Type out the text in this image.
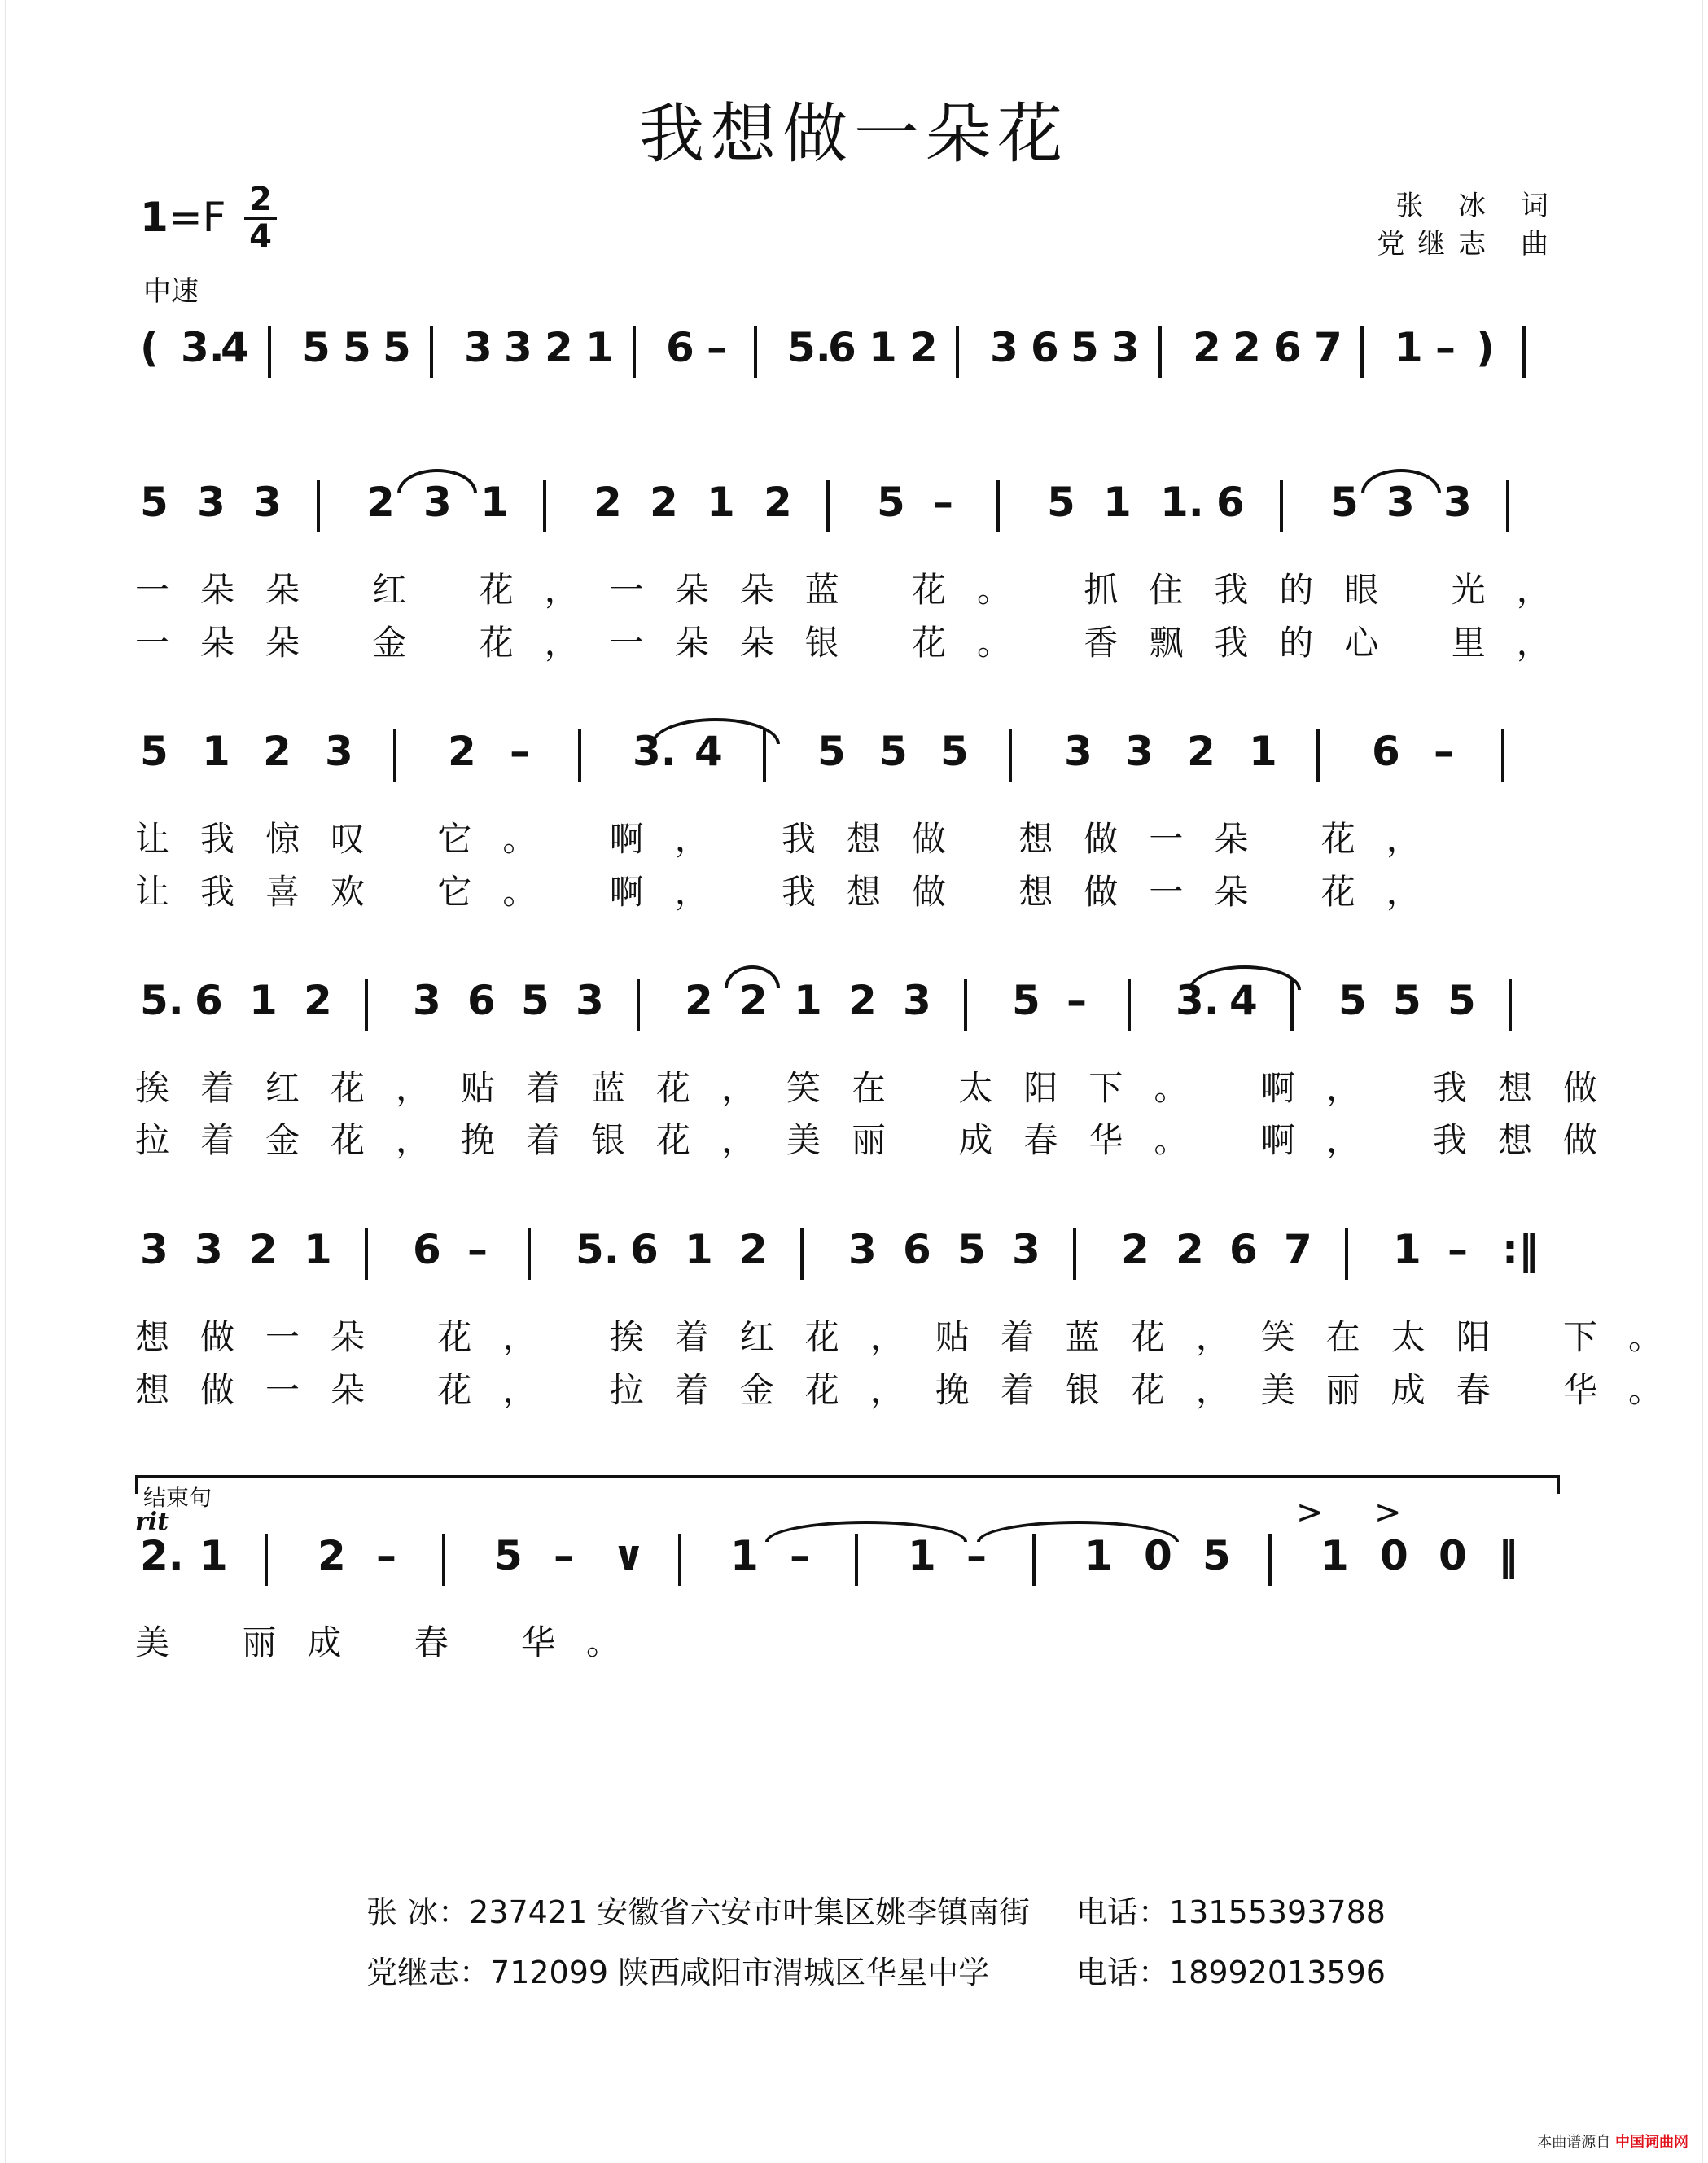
我想做一朵花
1=F 2
4
中速
张 冰 词
党继志 曲
( 3.
4 5 5 5 3 3 2 1 6 – 5.
6 1 2 3 6 5 3 2 2 6 7 1 – )
5 3 3 2 3 1 2 2 1 2 5 – 5 1 1. 6 5 3 3
5 1 2 3 2 –	3. 4 5 5 5 3 3 2 1 6 –
5. 6 1 2 3 6 5 3 2 2 1 2 3 5 – 3. 4 5 5 5
3 3 2 1 6 – 5. 6 1 2 3 6 5 3 2 2 6 7 1 – :‖
2. 1 2 – 5 – ∨ 1 – 1 – 1 0 5 1 0 0 ‖
一朵朵 红 花，一朵朵蓝 花。 抓住我的眼 光，
一朵朵 金 花，一朵朵银 花。 香飘我的心 里，
让我惊叹 它。 啊， 我想做 想做一朵 花，
让我喜欢 它。 啊， 我想做 想做一朵 花，
挨着红花，贴着蓝花，笑在 太阳下。 啊， 我想做
拉着金花，挽着银花，美丽 成春华。 啊， 我想做
想做一朵 花， 挨着红花，贴着蓝花，笑在太阳 下。
想做一朵 花， 拉着金花，挽着银花，美丽成春 华。
美 丽成 春 华。
结束句
rit	> >
张 冰：237421 安徽省六安市叶集区姚李镇南街 电话：13155393788
党继志：712099 陕西咸阳市渭城区华星中学	电话：18992013596
本曲谱源自 中国词曲网
